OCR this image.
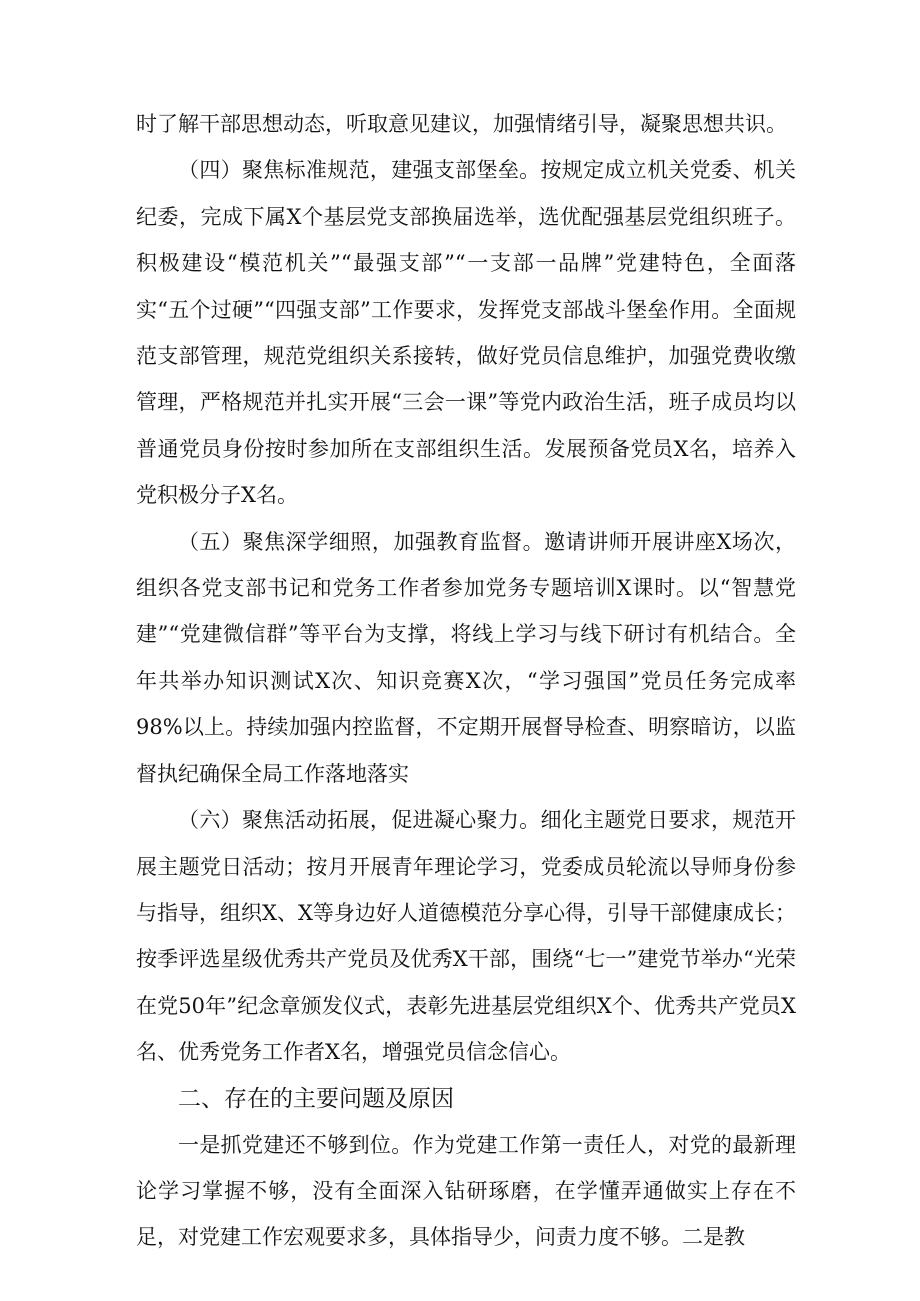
时了解干部思想动态，听取意见建议，加强情绪引导，凝聚思想共识。

（四）聚焦标准规范，建强支部堡垒。按规定成立机关党委、机关纪委，完成下属X个基层党支部换届选举，选优配强基层党组织班子。积极建设“模范机关”“最强支部”“一支部一品牌”党建特色，全面落实“五个过硬”“四强支部”工作要求，发挥党支部战斗堡垒作用。全面规范支部管理，规范党组织关系接转，做好党员信息维护，加强党费收缴管理，严格规范并扎实开展“三会一课”等党内政治生活，班子成员均以普通党员身份按时参加所在支部组织生活。发展预备党员X名，培养入党积极分子X名。

（五）聚焦深学细照，加强教育监督。邀请讲师开展讲座X场次，组织各党支部书记和党务工作者参加党务专题培训X课时。以“智慧党建”“党建微信群”等平台为支撑，将线上学习与线下研讨有机结合。全年共举办知识测试X次、知识竞赛X次，“学习强国”党员任务完成率98%以上。持续加强内控监督，不定期开展督导检查、明察暗访，以监督执纪确保全局工作落地落实

（六）聚焦活动拓展，促进凝心聚力。细化主题党日要求，规范开展主题党日活动；按月开展青年理论学习，党委成员轮流以导师身份参与指导，组织X、X等身边好人道德模范分享心得，引导干部健康成长；按季评选星级优秀共产党员及优秀X干部，围绕“七一”建党节举办“光荣在党50年”纪念章颁发仪式，表彰先进基层党组织X个、优秀共产党员X名、优秀党务工作者X名，增强党员信念信心。

二、存在的主要问题及原因

一是抓党建还不够到位。作为党建工作第一责任人，对党的最新理论学习掌握不够，没有全面深入钻研琢磨，在学懂弄通做实上存在不足，对党建工作宏观要求多，具体指导少，问责力度不够。二是教
